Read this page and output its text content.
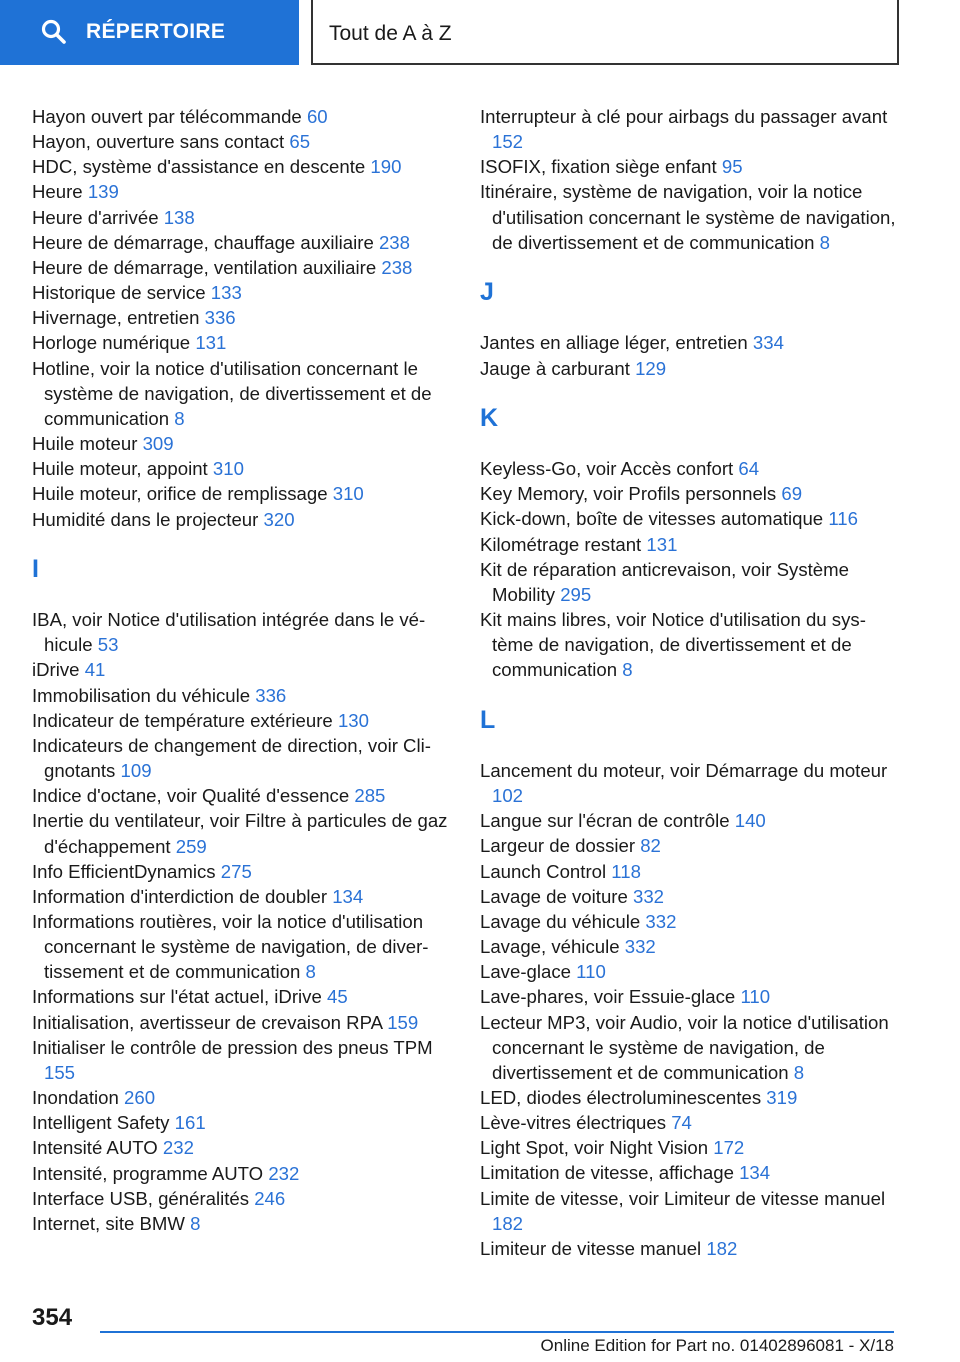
RÉPERTOIRE	Tout de A à Z
Hayon ouvert par télécommande 60
Hayon, ouverture sans contact 65
HDC, système d'assistance en descente 190
Heure 139
Heure d'arrivée 138
Heure de démarrage, chauffage auxiliaire 238
Heure de démarrage, ventilation auxiliaire 238
Historique de service 133
Hivernage, entretien 336
Horloge numérique 131
Hotline, voir la notice d'utilisation concernant le système de navigation, de divertissement et de communication 8
Huile moteur 309
Huile moteur, appoint 310
Huile moteur, orifice de remplissage 310
Humidité dans le projecteur 320
I
IBA, voir Notice d'utilisation intégrée dans le véhicule 53
iDrive 41
Immobilisation du véhicule 336
Indicateur de température extérieure 130
Indicateurs de changement de direction, voir Clignotants 109
Indice d'octane, voir Qualité d'essence 285
Inertie du ventilateur, voir Filtre à particules de gaz d'échappement 259
Info EfficientDynamics 275
Information d'interdiction de doubler 134
Informations routières, voir la notice d'utilisation concernant le système de navigation, de divertissement et de communication 8
Informations sur l'état actuel, iDrive 45
Initialisation, avertisseur de crevaison RPA 159
Initialiser le contrôle de pression des pneus TPM 155
Inondation 260
Intelligent Safety 161
Intensité AUTO 232
Intensité, programme AUTO 232
Interface USB, généralités 246
Internet, site BMW 8
Interrupteur à clé pour airbags du passager avant 152
ISOFIX, fixation siège enfant 95
Itinéraire, système de navigation, voir la notice d'utilisation concernant le système de navigation, de divertissement et de communication 8
J
Jantes en alliage léger, entretien 334
Jauge à carburant 129
K
Keyless-Go, voir Accès confort 64
Key Memory, voir Profils personnels 69
Kick-down, boîte de vitesses automatique 116
Kilométrage restant 131
Kit de réparation anticrevaison, voir Système Mobility 295
Kit mains libres, voir Notice d'utilisation du système de navigation, de divertissement et de communication 8
L
Lancement du moteur, voir Démarrage du moteur 102
Langue sur l'écran de contrôle 140
Largeur de dossier 82
Launch Control 118
Lavage de voiture 332
Lavage du véhicule 332
Lavage, véhicule 332
Lave-glace 110
Lave-phares, voir Essuie-glace 110
Lecteur MP3, voir Audio, voir la notice d'utilisation concernant le système de navigation, de divertissement et de communication 8
LED, diodes électroluminescentes 319
Lève-vitres électriques 74
Light Spot, voir Night Vision 172
Limitation de vitesse, affichage 134
Limite de vitesse, voir Limiteur de vitesse manuel 182
Limiteur de vitesse manuel 182
354
Online Edition for Part no. 01402896081 - X/18
